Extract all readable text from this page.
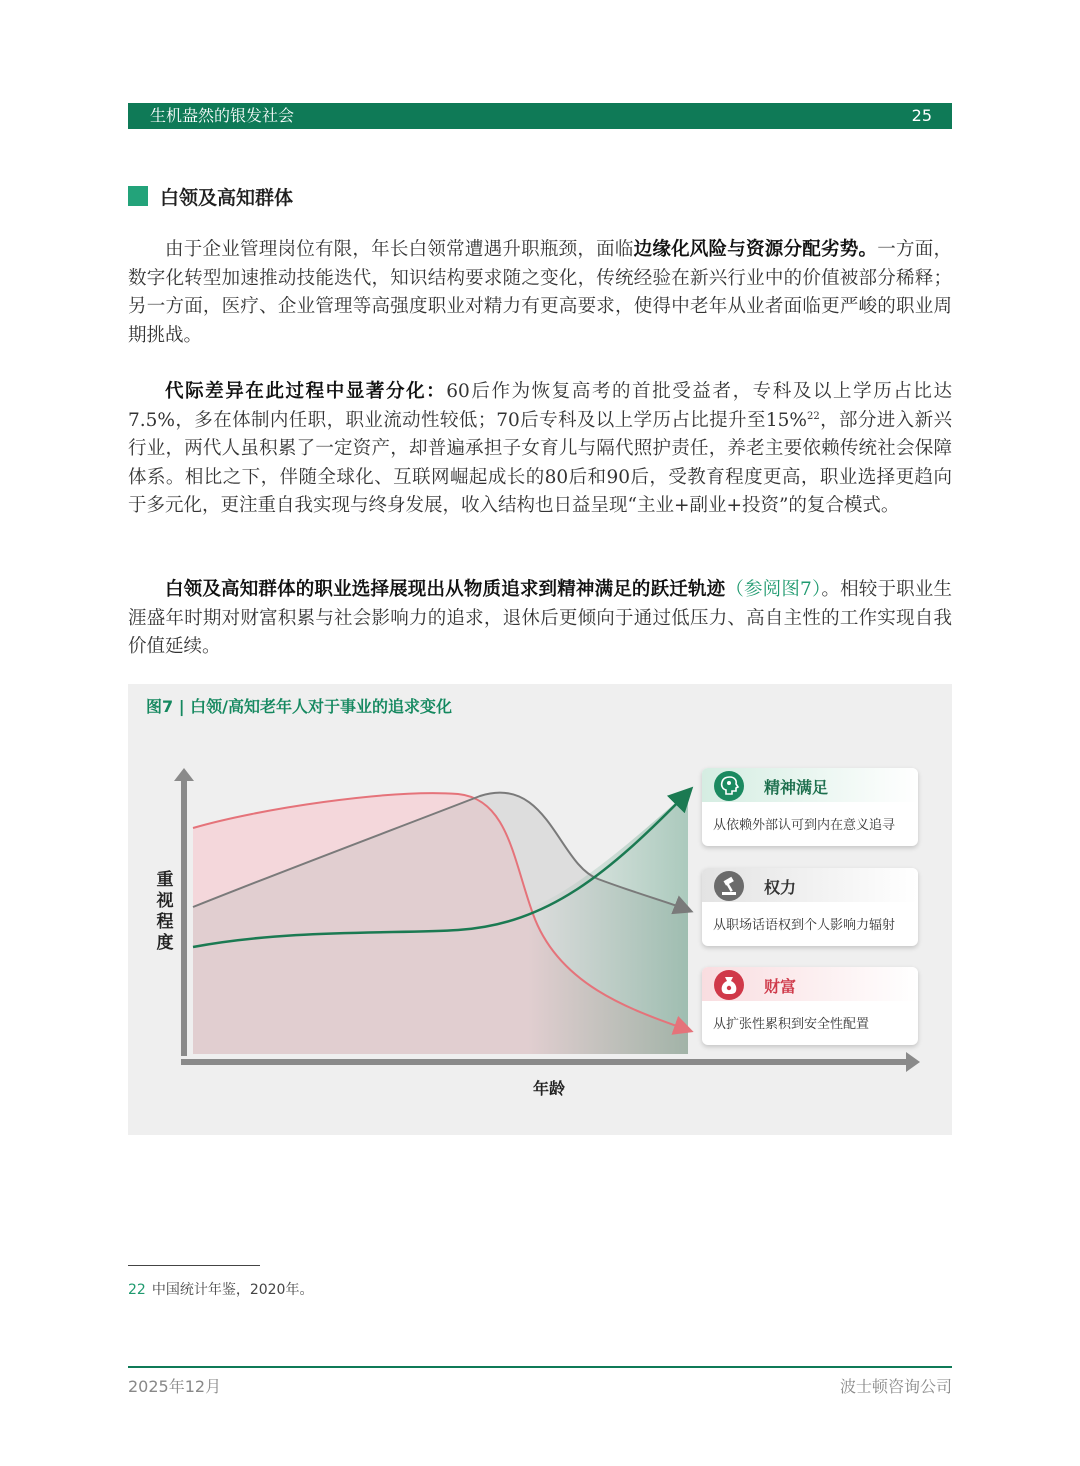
生机盎然的银发社会	25
白领及高知群体

由于企业管理岗位有限，年长白领常遭遇升职瓶颈，面临边缘化风险与资源分配劣势。一方面，数字化转型加速推动技能迭代，知识结构要求随之变化，传统经验在新兴行业中的价值被部分稀释；另一方面，医疗、企业管理等高强度职业对精力有更高要求，使得中老年从业者面临更严峻的职业周期挑战。

代际差异在此过程中显著分化：60后作为恢复高考的首批受益者，专科及以上学历占比达7.5%，多在体制内任职，职业流动性较低；70后专科及以上学历占比提升至15%$^{22}$，部分进入新兴行业，两代人虽积累了一定资产，却普遍承担子女育儿与隔代照护责任，养老主要依赖传统社会保障体系。相比之下，伴随全球化、互联网崛起成长的80后和90后，受教育程度更高，职业选择更趋向于多元化，更注重自我实现与终身发展，收入结构也日益呈现“主业+副业+投资”的复合模式。

白领及高知群体的职业选择展现出从物质追求到精神满足的跃迁轨迹（参阅图7）。相较于职业生涯盛年时期对财富积累与社会影响力的追求，退休后更倾向于通过低压力、高自主性的工作实现自我价值延续。

图7 | 白领/高知老年人对于事业的追求变化
重视程度
年龄
精神满足
从依赖外部认可到内在意义追寻
权力
从职场话语权到个人影响力辐射
财富
从扩张性累积到安全性配置
22 中国统计年鉴，2020年。
2025年12月	波士顿咨询公司
